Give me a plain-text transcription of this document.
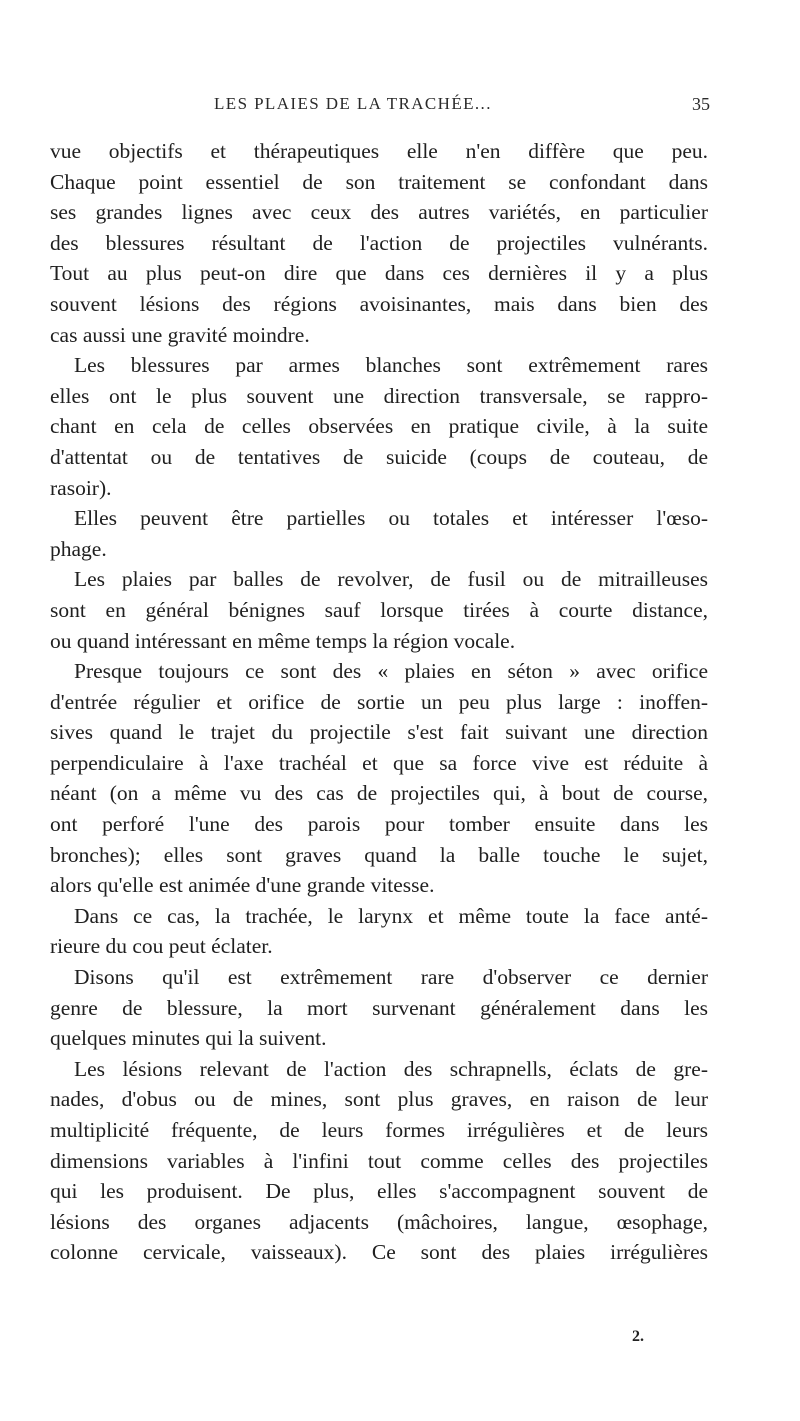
LES PLAIES DE LA TRACHÉE...	35
vue objectifs et thérapeutiques elle n'en diffère que peu.
Chaque point essentiel de son traitement se confondant dans
ses grandes lignes avec ceux des autres variétés, en particulier
des blessures résultant de l'action de projectiles vulnérants.
Tout au plus peut-on dire que dans ces dernières il y a plus
souvent lésions des régions avoisinantes, mais dans bien des
cas aussi une gravité moindre.
Les blessures par armes blanches sont extrêmement rares
elles ont le plus souvent une direction transversale, se rappro-
chant en cela de celles observées en pratique civile, à la suite
d'attentat ou de tentatives de suicide (coups de couteau, de
rasoir).
Elles peuvent être partielles ou totales et intéresser l'œso-
phage.
Les plaies par balles de revolver, de fusil ou de mitrailleuses
sont en général bénignes sauf lorsque tirées à courte distance,
ou quand intéressant en même temps la région vocale.
Presque toujours ce sont des « plaies en séton » avec orifice
d'entrée régulier et orifice de sortie un peu plus large : inoffen-
sives quand le trajet du projectile s'est fait suivant une direction
perpendiculaire à l'axe trachéal et que sa force vive est réduite à
néant (on a même vu des cas de projectiles qui, à bout de course,
ont perforé l'une des parois pour tomber ensuite dans les
bronches); elles sont graves quand la balle touche le sujet,
alors qu'elle est animée d'une grande vitesse.
Dans ce cas, la trachée, le larynx et même toute la face anté-
rieure du cou peut éclater.
Disons qu'il est extrêmement rare d'observer ce dernier
genre de blessure, la mort survenant généralement dans les
quelques minutes qui la suivent.
Les lésions relevant de l'action des schrapnells, éclats de gre-
nades, d'obus ou de mines, sont plus graves, en raison de leur
multiplicité fréquente, de leurs formes irrégulières et de leurs
dimensions variables à l'infini tout comme celles des projectiles
qui les produisent. De plus, elles s'accompagnent souvent de
lésions des organes adjacents (mâchoires, langue, œsophage,
colonne cervicale, vaisseaux). Ce sont des plaies irrégulières
2.
